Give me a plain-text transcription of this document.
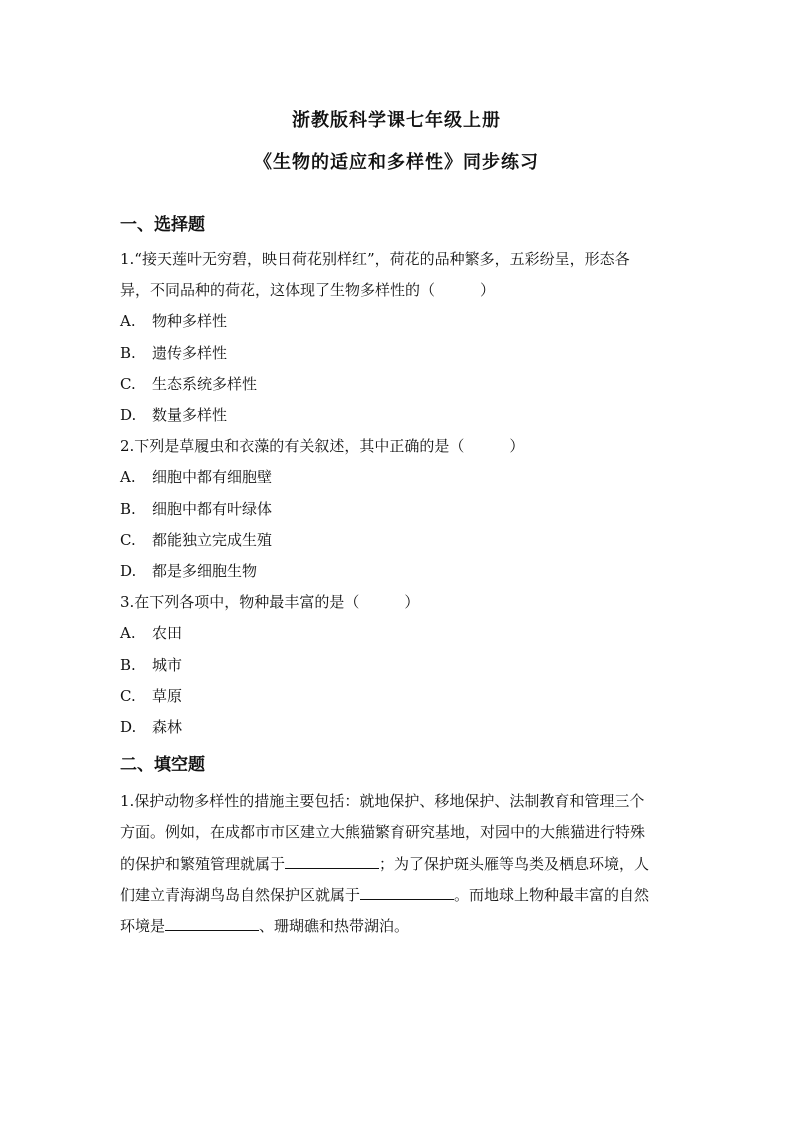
浙教版科学课七年级上册
《生物的适应和多样性》同步练习
一、选择题
1.“接天莲叶无穷碧，映日荷花别样红”，荷花的品种繁多，五彩纷呈，形态各
异，不同品种的荷花，这体现了生物多样性的（　　　）
A. 物种多样性
B. 遗传多样性
C. 生态系统多样性
D. 数量多样性
2.下列是草履虫和衣藻的有关叙述，其中正确的是（　　　）
A. 细胞中都有细胞壁
B. 细胞中都有叶绿体
C. 都能独立完成生殖
D. 都是多细胞生物
3.在下列各项中，物种最丰富的是（　　　）
A. 农田
B. 城市
C. 草原
D. 森林
二、填空题
1.保护动物多样性的措施主要包括：就地保护、移地保护、法制教育和管理三个
方面。例如，在成都市市区建立大熊猫繁育研究基地，对园中的大熊猫进行特殊
的保护和繁殖管理就属于	；为了保护斑头雁等鸟类及栖息环境，人
们建立青海湖鸟岛自然保护区就属于	。而地球上物种最丰富的自然
环境是	、珊瑚礁和热带湖泊。
